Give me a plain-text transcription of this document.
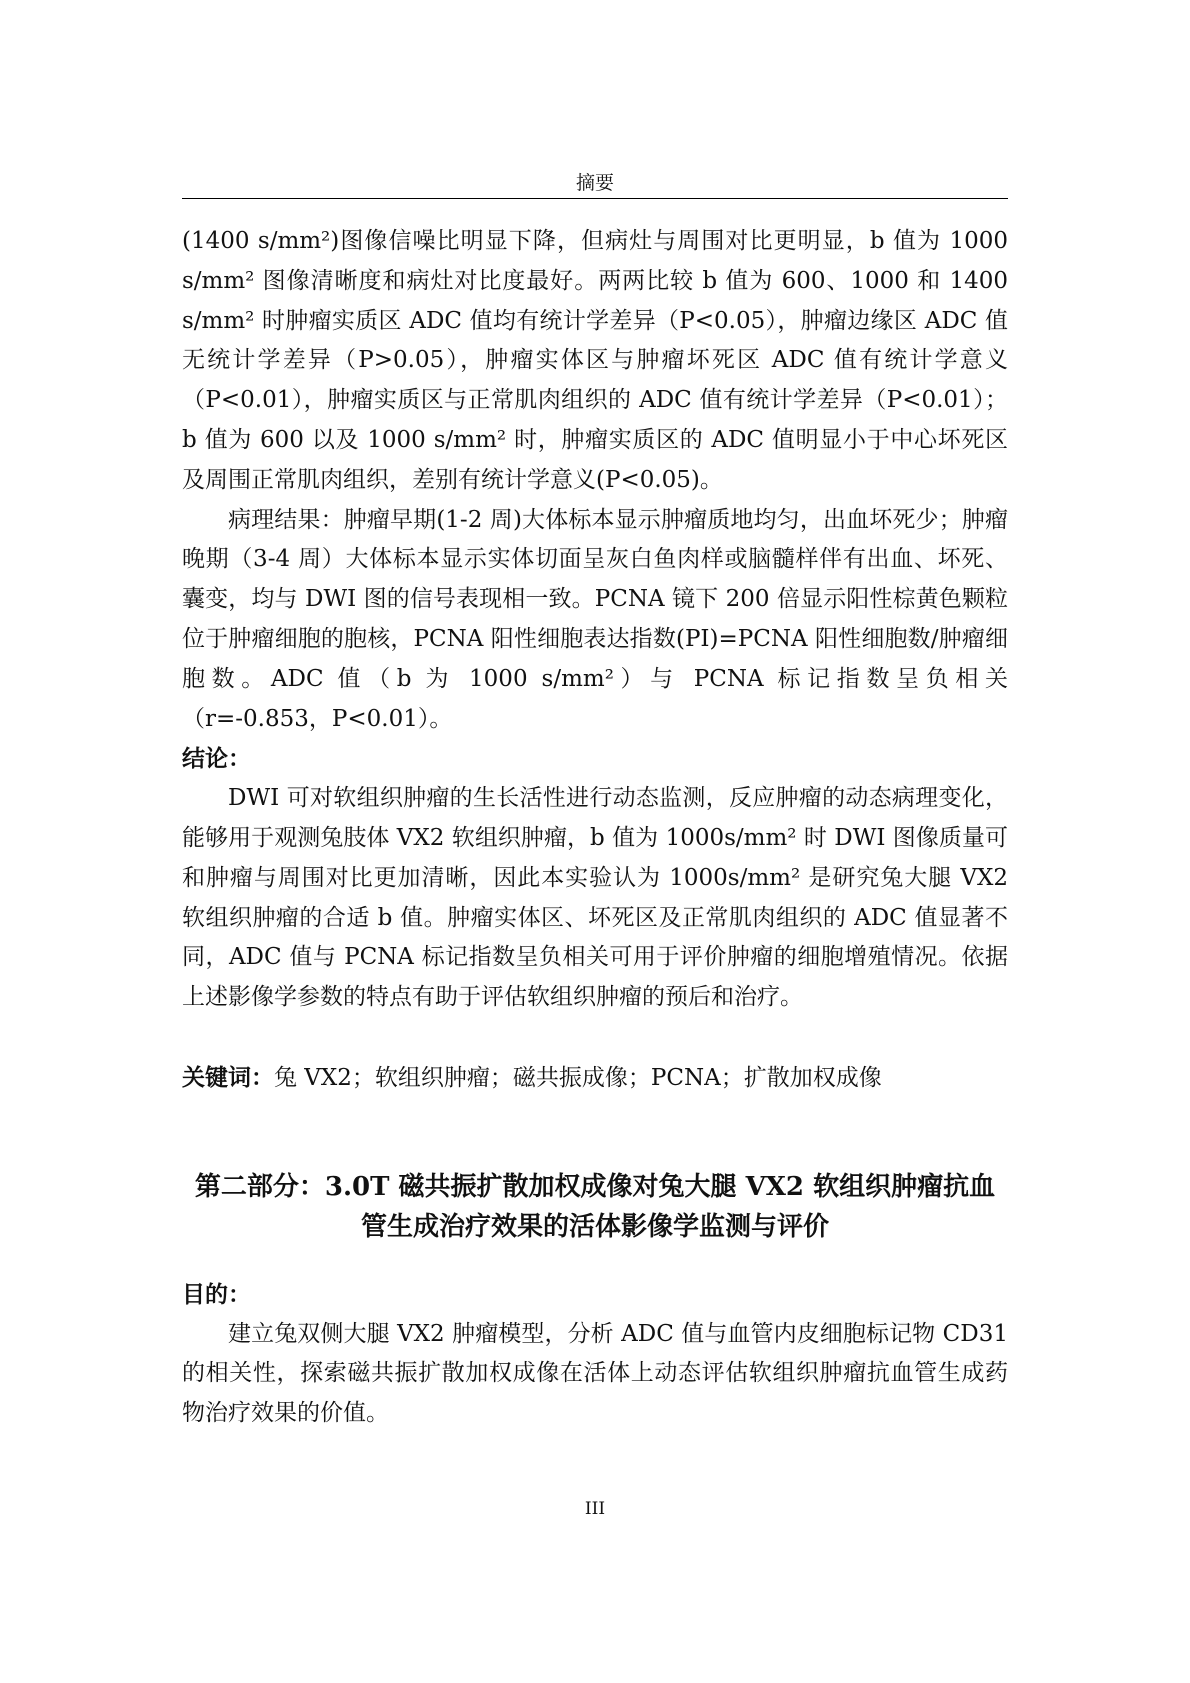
摘要

(1400 s/mm²)图像信噪比明显下降，但病灶与周围对比更明显，b 值为 1000 s/mm² 图像清晰度和病灶对比度最好。两两比较 b 值为 600、1000 和 1400 s/mm² 时肿瘤实质区 ADC 值均有统计学差异（P<0.05），肿瘤边缘区 ADC 值无统计学差异（P>0.05），肿瘤实体区与肿瘤坏死区 ADC 值有统计学意义（P<0.01），肿瘤实质区与正常肌肉组织的 ADC 值有统计学差异（P<0.01）；b 值为 600 以及 1000 s/mm² 时，肿瘤实质区的 ADC 值明显小于中心坏死区及周围正常肌肉组织，差别有统计学意义(P<0.05)。

病理结果：肿瘤早期(1-2 周)大体标本显示肿瘤质地均匀，出血坏死少；肿瘤晚期（3-4 周）大体标本显示实体切面呈灰白鱼肉样或脑髓样伴有出血、坏死、囊变，均与 DWI 图的信号表现相一致。PCNA 镜下 200 倍显示阳性棕黄色颗粒位于肿瘤细胞的胞核，PCNA 阳性细胞表达指数(PI)=PCNA 阳性细胞数/肿瘤细胞数。ADC 值（b 为 1000 s/mm²）与 PCNA 标记指数呈负相关（r=-0.853，P<0.01）。

结论：

DWI 可对软组织肿瘤的生长活性进行动态监测，反应肿瘤的动态病理变化，能够用于观测兔肢体 VX2 软组织肿瘤，b 值为 1000s/mm² 时 DWI 图像质量可和肿瘤与周围对比更加清晰，因此本实验认为 1000s/mm² 是研究兔大腿 VX2 软组织肿瘤的合适 b 值。肿瘤实体区、坏死区及正常肌肉组织的 ADC 值显著不同，ADC 值与 PCNA 标记指数呈负相关可用于评价肿瘤的细胞增殖情况。依据上述影像学参数的特点有助于评估软组织肿瘤的预后和治疗。

关键词：兔 VX2；软组织肿瘤；磁共振成像；PCNA；扩散加权成像

第二部分：3.0T 磁共振扩散加权成像对兔大腿 VX2 软组织肿瘤抗血

管生成治疗效果的活体影像学监测与评价

目的：

建立兔双侧大腿 VX2 肿瘤模型，分析 ADC 值与血管内皮细胞标记物 CD31 的相关性，探索磁共振扩散加权成像在活体上动态评估软组织肿瘤抗血管生成药物治疗效果的价值。

III
